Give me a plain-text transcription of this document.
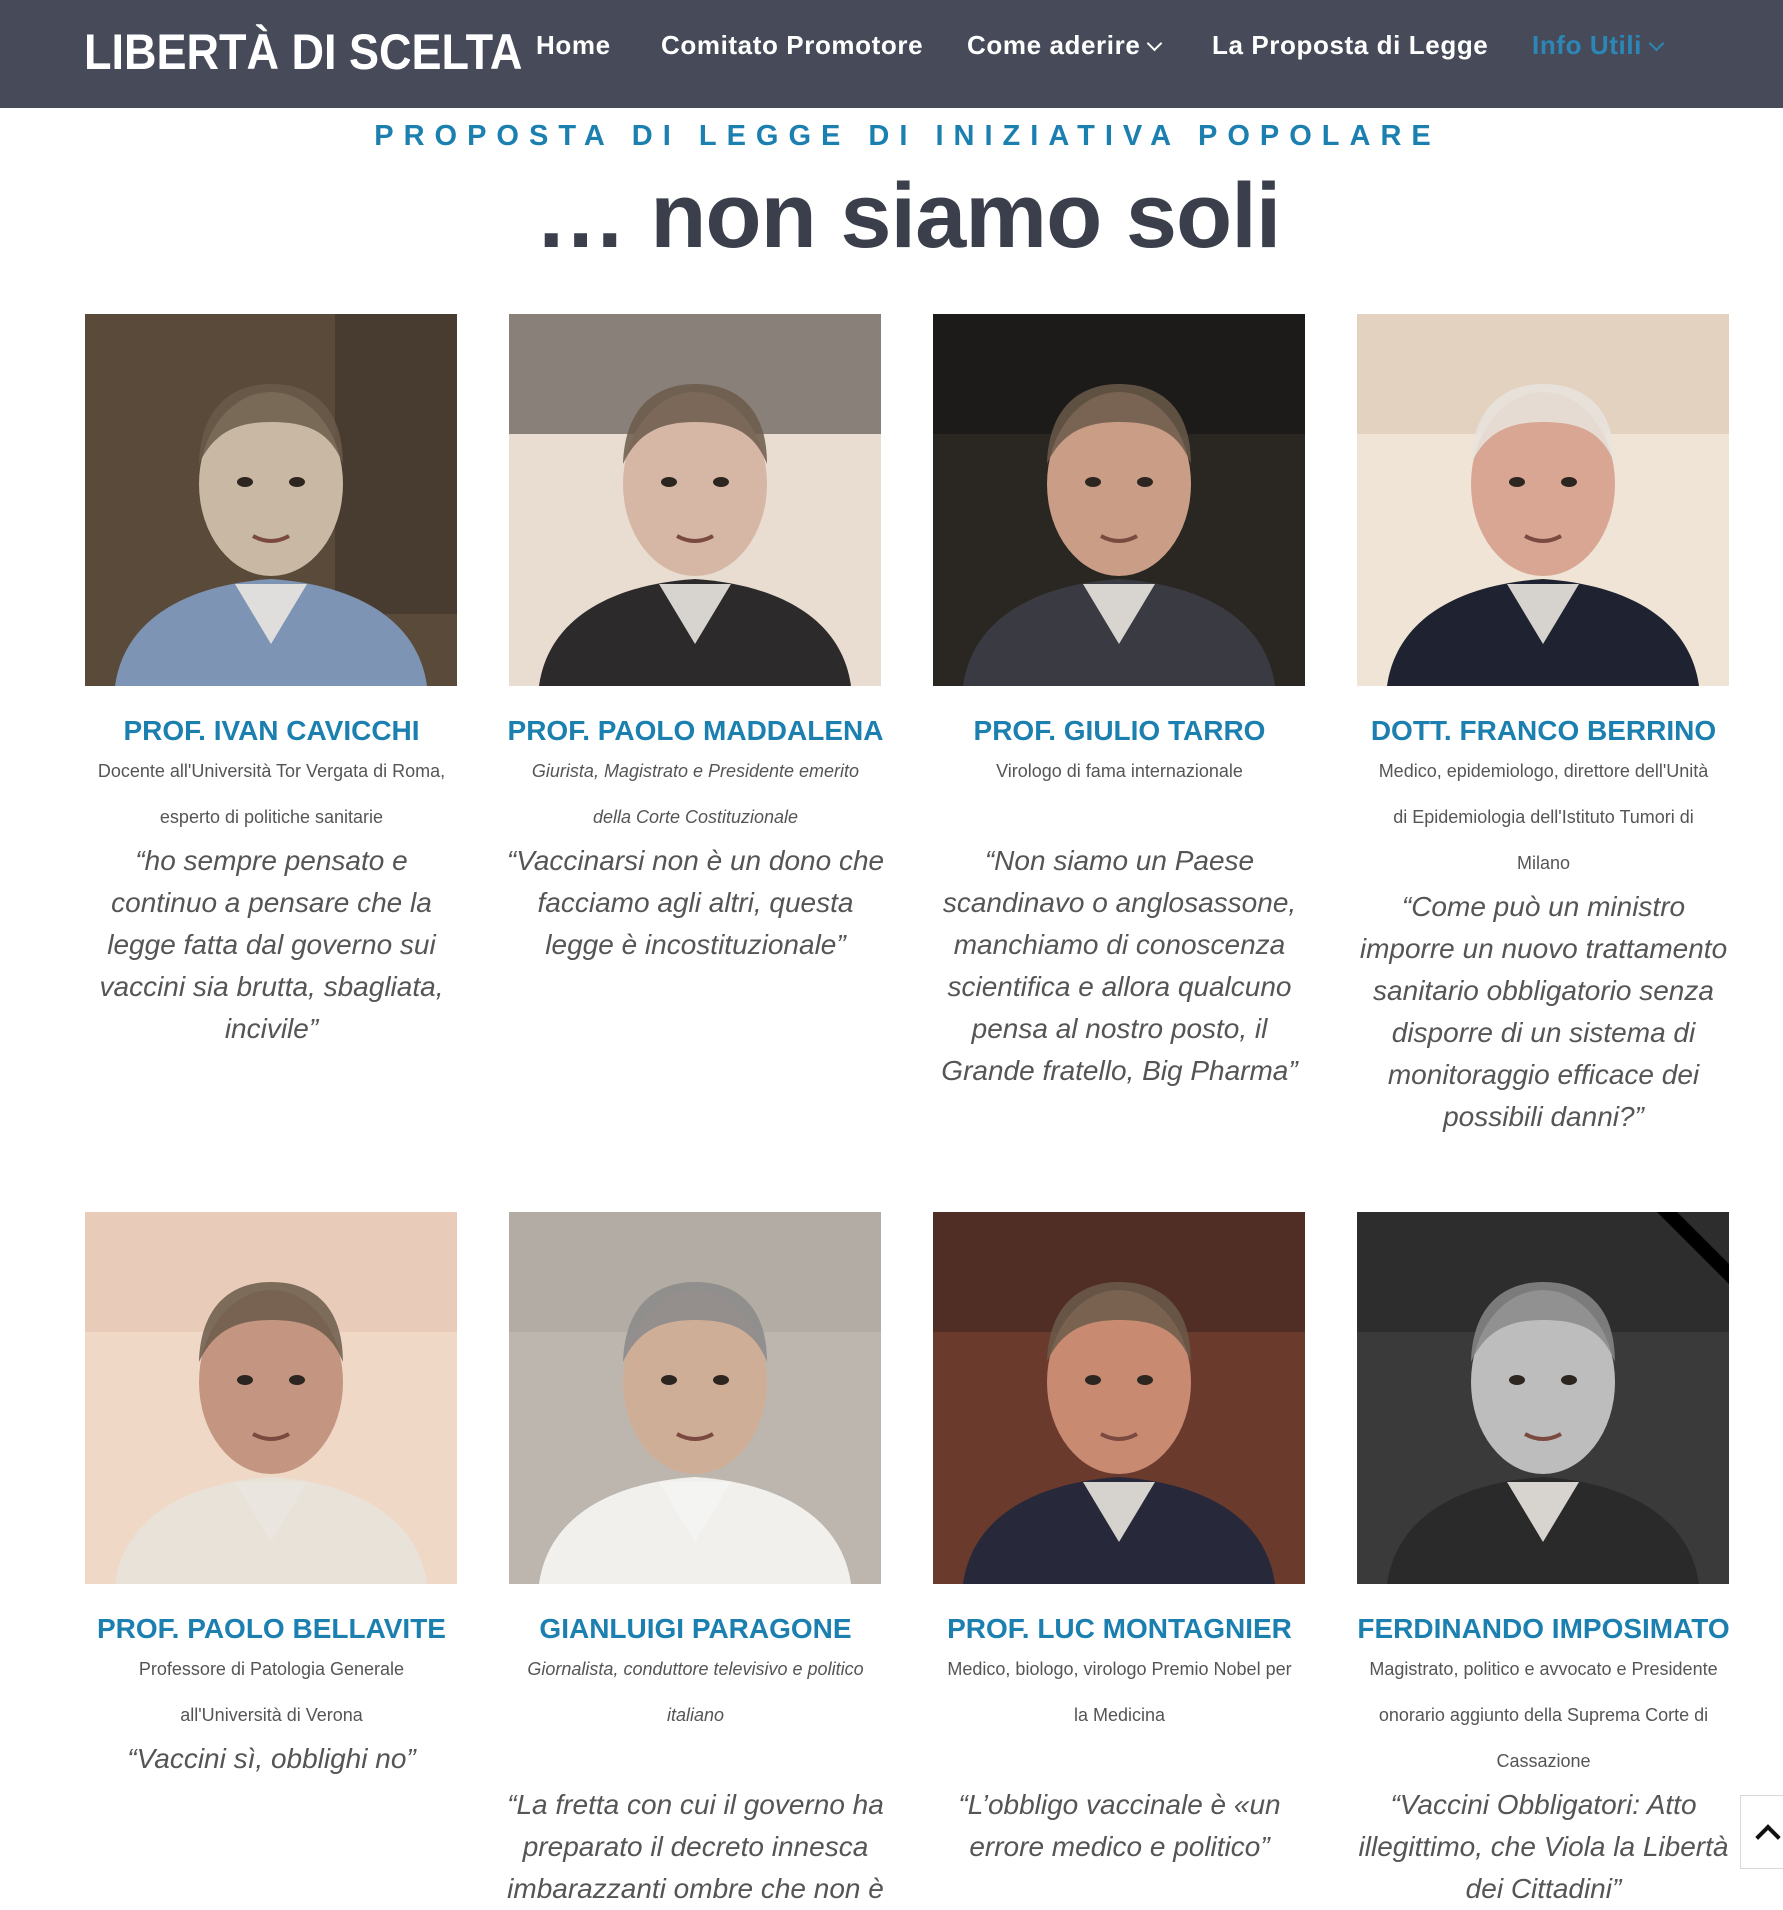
LIBERTÀ DI SCELTA Home Comitato Promotore Come aderire	La Proposta di Legge Info Utili
PROPOSTA DI LEGGE DI INIZIATIVA POPOLARE
… non siamo soli

PROF. IVAN CAVICCHI

Docente all'Università Tor Vergata di Roma,

esperto di politiche sanitarie

“ho sempre pensato e

continuo a pensare che la

legge fatta dal governo sui

vaccini sia brutta, sbagliata,

incivile”

PROF. PAOLO MADDALENA

Giurista, Magistrato e Presidente emerito

della Corte Costituzionale

“Vaccinarsi non è un dono che

facciamo agli altri, questa

legge è incostituzionale”

PROF. GIULIO TARRO

Virologo di fama internazionale

“Non siamo un Paese

scandinavo o anglosassone,

manchiamo di conoscenza

scientifica e allora qualcuno

pensa al nostro posto, il

Grande fratello, Big Pharma”

DOTT. FRANCO BERRINO

Medico, epidemiologo, direttore dell'Unità

di Epidemiologia dell'Istituto Tumori di

Milano

“Come può un ministro

imporre un nuovo trattamento

sanitario obbligatorio senza

disporre di un sistema di

monitoraggio efficace dei

possibili danni?”

PROF. PAOLO BELLAVITE

Professore di Patologia Generale

all'Università di Verona

“Vaccini sì, obblighi no”

GIANLUIGI PARAGONE

Giornalista, conduttore televisivo e politico

italiano

“La fretta con cui il governo ha

preparato il decreto innesca

imbarazzanti ombre che non è

PROF. LUC MONTAGNIER

Medico, biologo, virologo Premio Nobel per

la Medicina

“L’obbligo vaccinale è «un

errore medico e politico”

FERDINANDO IMPOSIMATO

Magistrato, politico e avvocato e Presidente

onorario aggiunto della Suprema Corte di

Cassazione

“Vaccini Obbligatori: Atto

illegittimo, che Viola la Libertà

dei Cittadini”
